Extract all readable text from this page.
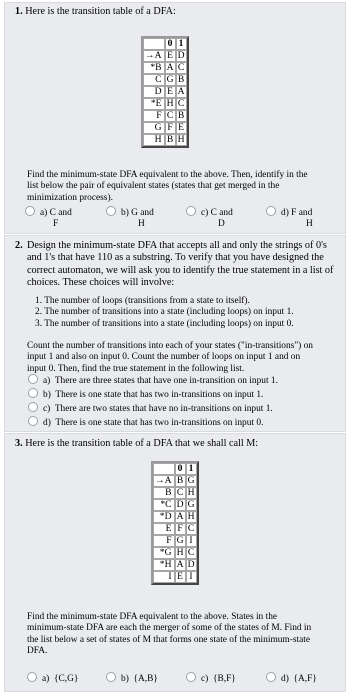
1. Here is the transition table of a DFA:
	0	1
→A	E	D
*B	A	C
C	G	B
D	E	A
*E	H	C
F	C	B
G	F	E
H	B	H
Find the minimum-state DFA equivalent to the above. Then, identify in the
list below the pair of equivalent states (states that get merged in the
minimization process).
a) C and
F
b) G and
H
c) C and
D
d) F and
H
2. Design the minimum-state DFA that accepts all and only the strings of 0's
and 1's that have 110 as a substring. To verify that you have designed the
correct automaton, we will ask you to identify the true statement in a list of
choices. These choices will involve:
1. The number of loops (transitions from a state to itself).
2. The number of transitions into a state (including loops) on input 1.
3. The number of transitions into a state (including loops) on input 0.
Count the number of transitions into each of your states ("in-transitions") on
input 1 and also on input 0. Count the number of loops on input 1 and on
input 0. Then, find the true statement in the following list.
a) There are three states that have one in-transition on input 1.
b) There is one state that has two in-transitions on input 1.
c) There are two states that have no in-transitions on input 1.
d) There is one state that has two in-transitions on input 0.
3. Here is the transition table of a DFA that we shall call M:
	0	1
→A	B	G
B	C	H
*C	D	G
*D	A	H
E	F	C
F	G	I
*G	H	C
*H	A	D
I	E	I
Find the minimum-state DFA equivalent to the above. States in the
minimum-state DFA are each the merger of some of the states of M. Find in
the list below a set of states of M that forms one state of the minimum-state
DFA.
a) {C,G}	b) {A,B}	c) {B,F}	d) {A,F}
